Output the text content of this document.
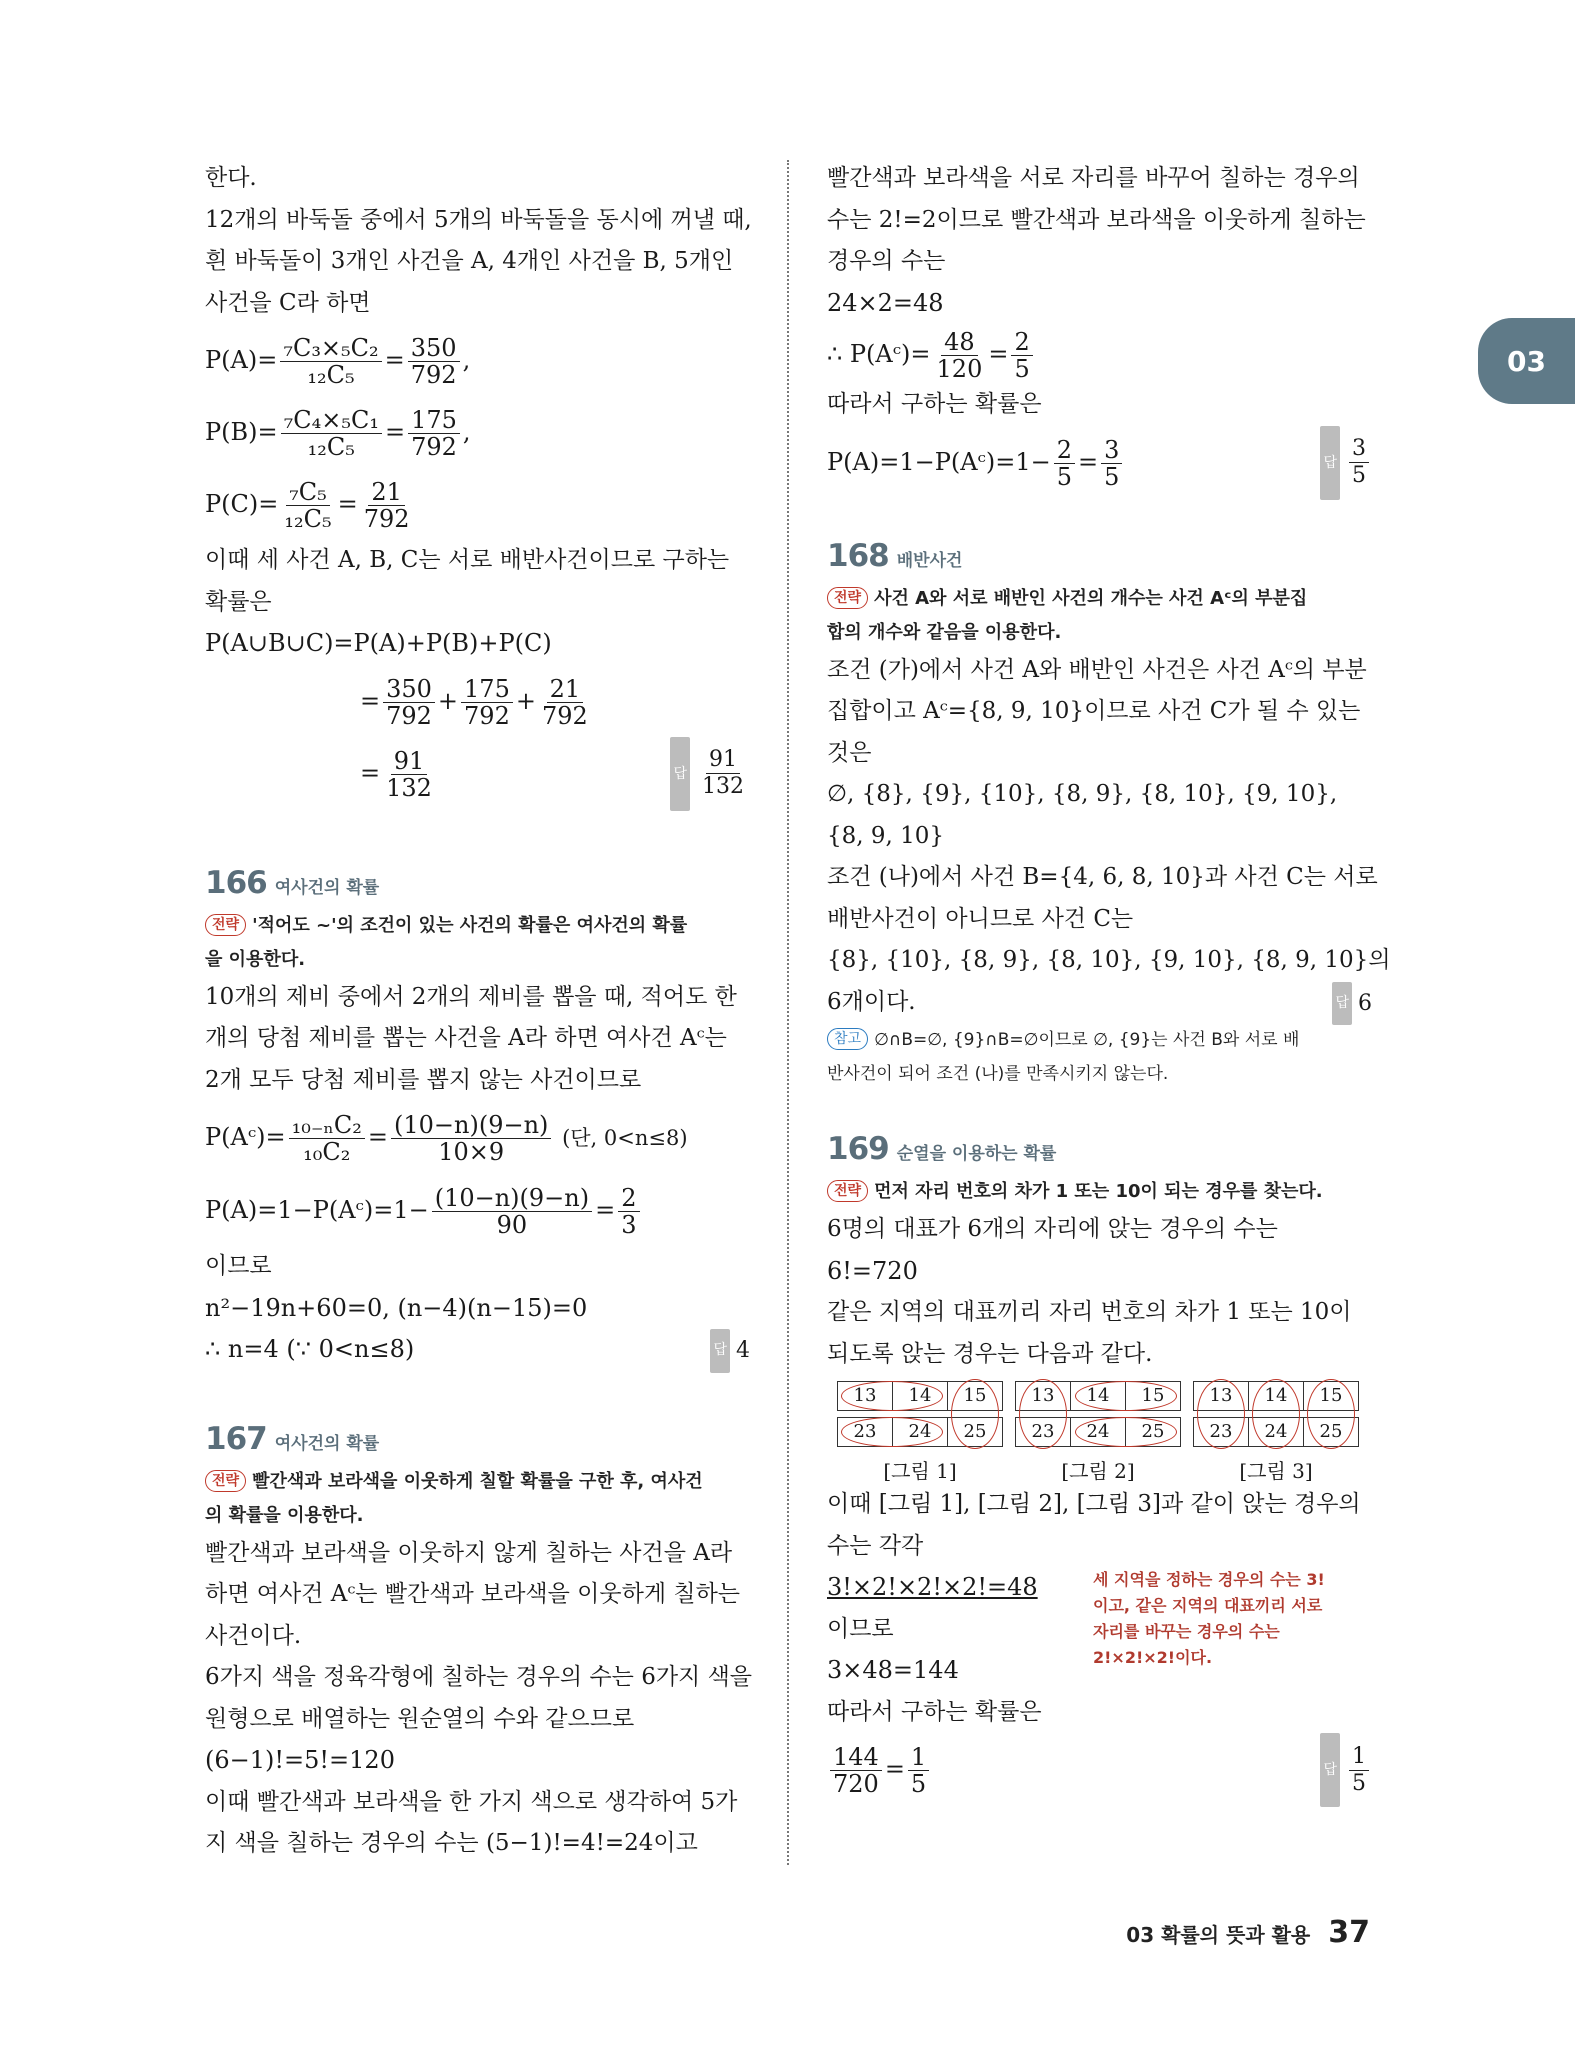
03
한다.
12개의 바둑돌 중에서 5개의 바둑돌을 동시에 꺼낼 때,
흰 바둑돌이 3개인 사건을 A, 4개인 사건을 B, 5개인
사건을 C라 하면
$P(A)= \frac{\text{₇C₃×₅C₂}}{\text{₁₂C₅}} = \frac{350}{792}$ ,
$P(B)= \frac{\text{₇C₄×₅C₁}}{\text{₁₂C₅}} = \frac{175}{792}$ ,
$P(C)= \frac{\text{₇C₅}}{\text{₁₂C₅}} = \frac{21}{792}$
이때 세 사건 A, B, C는 서로 배반사건이므로 구하는
확률은
P(A∪B∪C)=P(A)+P(B)+P(C)
= $\frac{350}{792} + \frac{175}{792} + \frac{21}{792}$
= $\frac{91}{132}$	답 $\frac{91}{132}$
166 여사건의 확률
전략 '적어도 ~'의 조건이 있는 사건의 확률은 여사건의 확률
을 이용한다.
10개의 제비 중에서 2개의 제비를 뽑을 때, 적어도 한
개의 당첨 제비를 뽑는 사건을 A라 하면 여사건 Aᶜ는
2개 모두 당첨 제비를 뽑지 않는 사건이므로
P(Aᶜ)= $\frac{\text{₁₀₋ₙC₂}}{\text{₁₀C₂}} = \frac{(10-n)(9-n)}{10\times 9}$ (단, 0<n≤8)
P(A)=1−P(Aᶜ)=1− $\frac{(10-n)(9-n)}{90} = \frac{2}{3}$
이므로
n²−19n+60=0, (n−4)(n−15)=0
∴ n=4 (∵ 0<n≤8)	답 4
167 여사건의 확률
전략 빨간색과 보라색을 이웃하게 칠할 확률을 구한 후, 여사건
의 확률을 이용한다.
빨간색과 보라색을 이웃하지 않게 칠하는 사건을 A라
하면 여사건 Aᶜ는 빨간색과 보라색을 이웃하게 칠하는
사건이다.
6가지 색을 정육각형에 칠하는 경우의 수는 6가지 색을
원형으로 배열하는 원순열의 수와 같으므로
(6−1)!=5!=120
이때 빨간색과 보라색을 한 가지 색으로 생각하여 5가
지 색을 칠하는 경우의 수는 (5−1)!=4!=24이고
빨간색과 보라색을 서로 자리를 바꾸어 칠하는 경우의
수는 2!=2이므로 빨간색과 보라색을 이웃하게 칠하는
경우의 수는
24×2=48
∴ P(Aᶜ)= $\frac{48}{120} = \frac{2}{5}$
따라서 구하는 확률은
P(A)=1−P(Aᶜ)=1− $\frac{2}{5} = \frac{3}{5}$	답 $\frac{3}{5}$
168 배반사건
전략 사건 A와 서로 배반인 사건의 개수는 사건 Aᶜ의 부분집
합의 개수와 같음을 이용한다.
조건 (가)에서 사건 A와 배반인 사건은 사건 Aᶜ의 부분
집합이고 Aᶜ={8, 9, 10}이므로 사건 C가 될 수 있는
것은
∅, {8}, {9}, {10}, {8, 9}, {8, 10}, {9, 10},
{8, 9, 10}
조건 (나)에서 사건 B={4, 6, 8, 10}과 사건 C는 서로
배반사건이 아니므로 사건 C는
{8}, {10}, {8, 9}, {8, 10}, {9, 10}, {8, 9, 10}의
6개이다.	답 6
참고 ∅∩B=∅, {9}∩B=∅이므로 ∅, {9}는 사건 B와 서로 배
반사건이 되어 조건 (나)를 만족시키지 않는다.
169 순열을 이용하는 확률
전략 먼저 자리 번호의 차가 1 또는 10이 되는 경우를 찾는다.
6명의 대표가 6개의 자리에 앉는 경우의 수는
6!=720
같은 지역의 대표끼리 자리 번호의 차가 1 또는 10이
되도록 앉는 경우는 다음과 같다.
13	14	15
23	24	25
[그림 1]
13	14	15
23	24	25
[그림 2]
13	14	15
23	24	25
[그림 3]
이때 [그림 1], [그림 2], [그림 3]과 같이 앉는 경우의
수는 각각
3!×2!×2!×2!=48
이므로
3×48=144
세 지역을 정하는 경우의 수는 3!
이고, 같은 지역의 대표끼리 서로
자리를 바꾸는 경우의 수는
2!×2!×2!이다.
따라서 구하는 확률은
$\frac{144}{720} = \frac{1}{5}$	답 $\frac{1}{5}$
03 확률의 뜻과 활용 37
